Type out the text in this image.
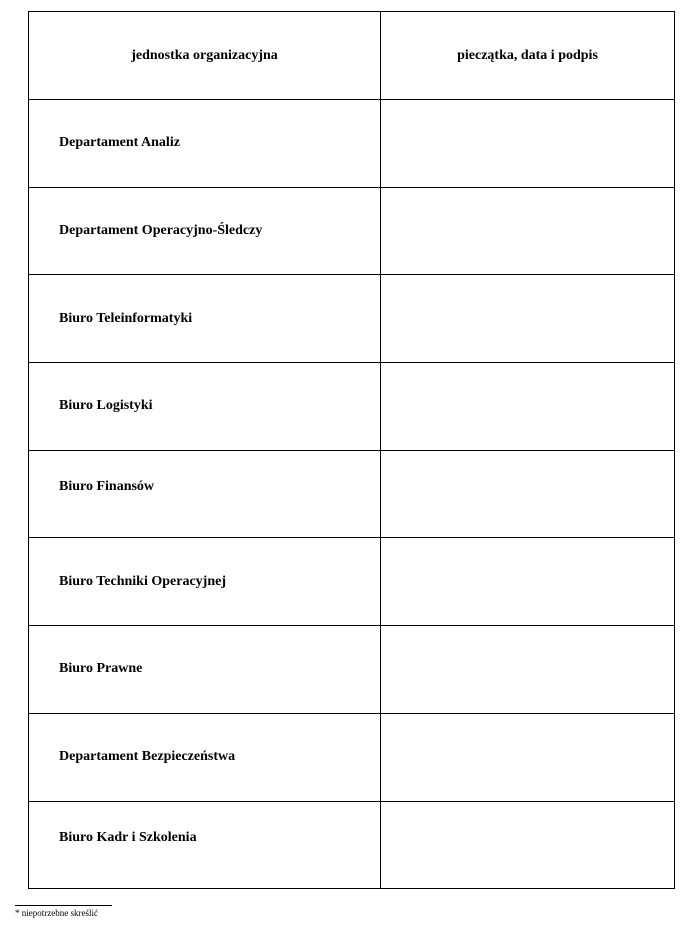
jednostka organizacyjna	pieczątka, data i podpis
Departament Analiz	
Departament Operacyjno-Śledczy	
Biuro Teleinformatyki	
Biuro Logistyki	
Biuro Finansów	
Biuro Techniki Operacyjnej	
Biuro Prawne	
Departament Bezpieczeństwa	
Biuro Kadr i Szkolenia	
* niepotrzebne skreślić
